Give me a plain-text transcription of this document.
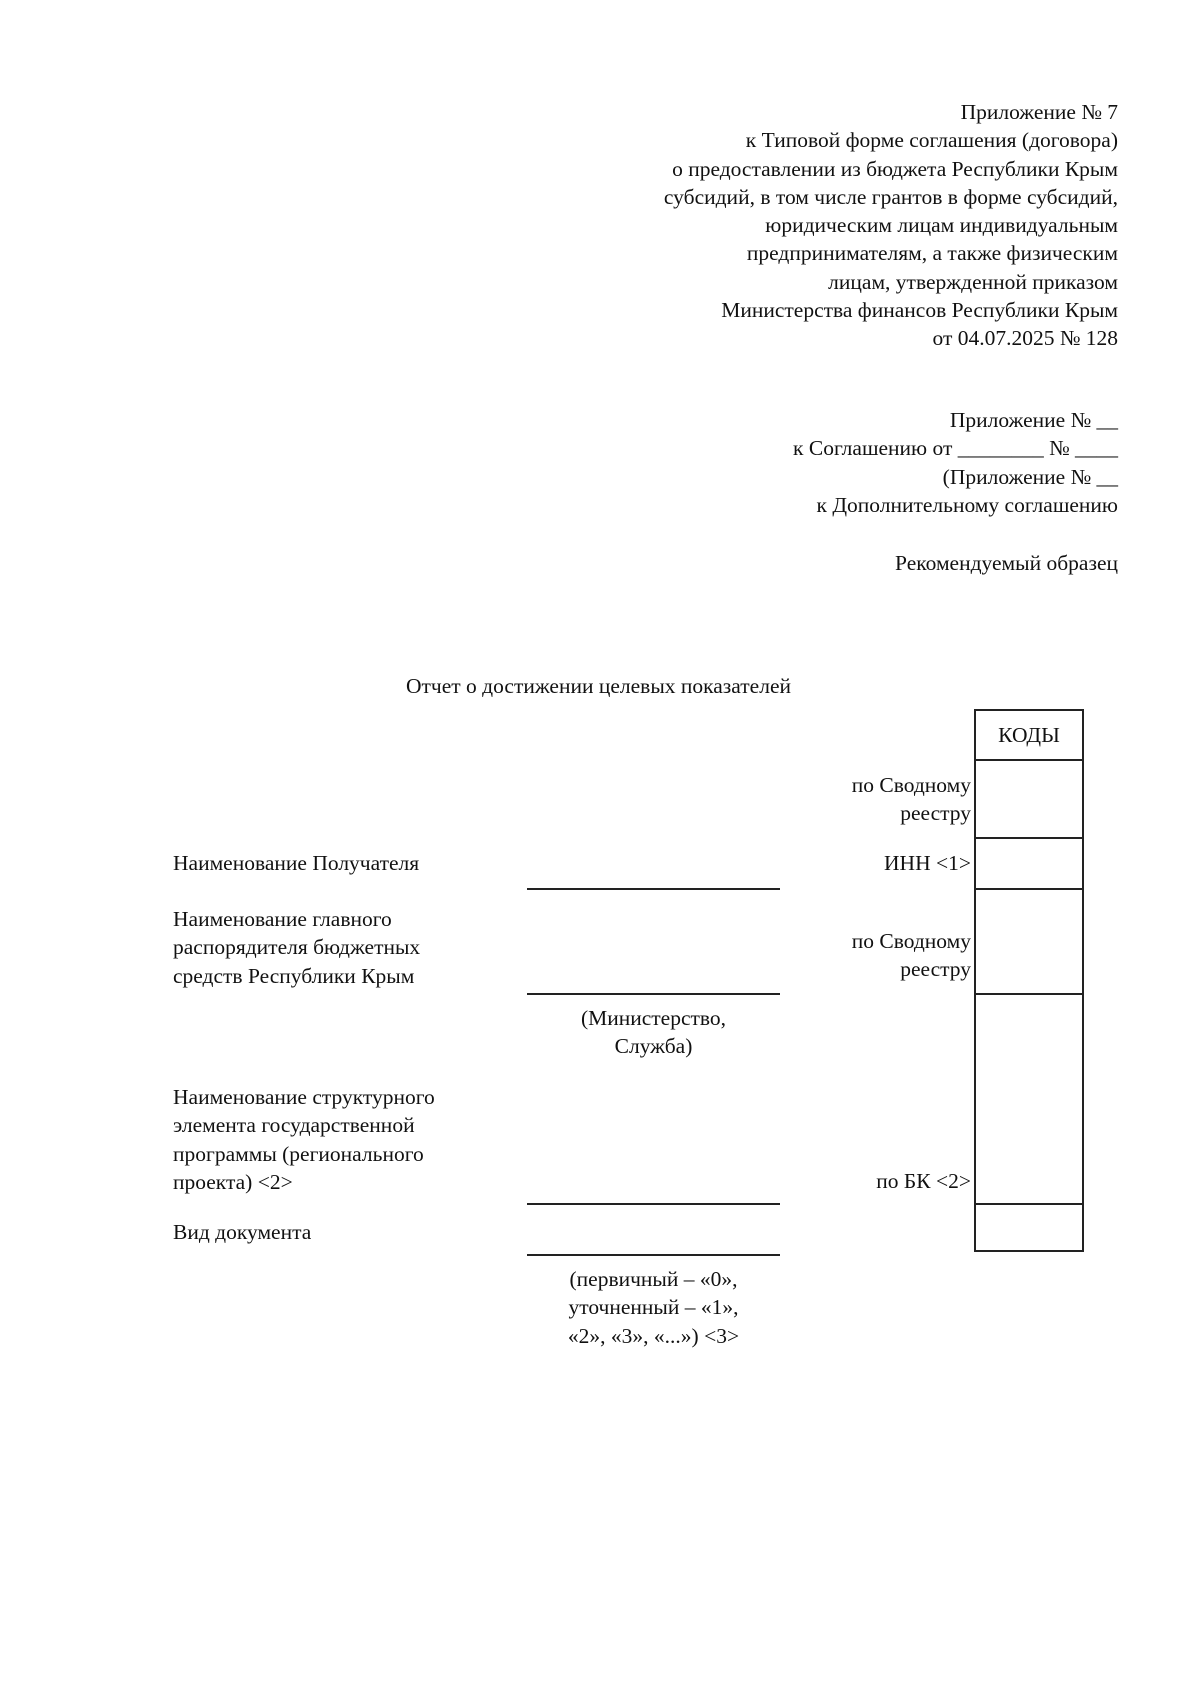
Приложение № 7
к Типовой форме соглашения (договора)
о предоставлении из бюджета Республики Крым
субсидий, в том числе грантов в форме субсидий,
юридическим лицам индивидуальным
предпринимателям, а также физическим
лицам, утвержденной приказом
Министерства финансов Республики Крым
от 04.07.2025 № 128
Приложение № __
к Соглашению от ________ № ____
(Приложение № __
к Дополнительному соглашению
Рекомендуемый образец
Отчет о достижении целевых показателей
Наименование Получателя
Наименование главного
распорядителя бюджетных
средств Республики Крым
Наименование структурного
элемента государственной
программы (регионального
проекта) <2>
Вид документа
(Министерство,
Служба)
(первичный – «0»,
уточненный – «1»,
«2», «3», «...») <3>
по Сводному
реестру
ИНН <1>
по Сводному
реестру
по БК <2>
КОДЫ
